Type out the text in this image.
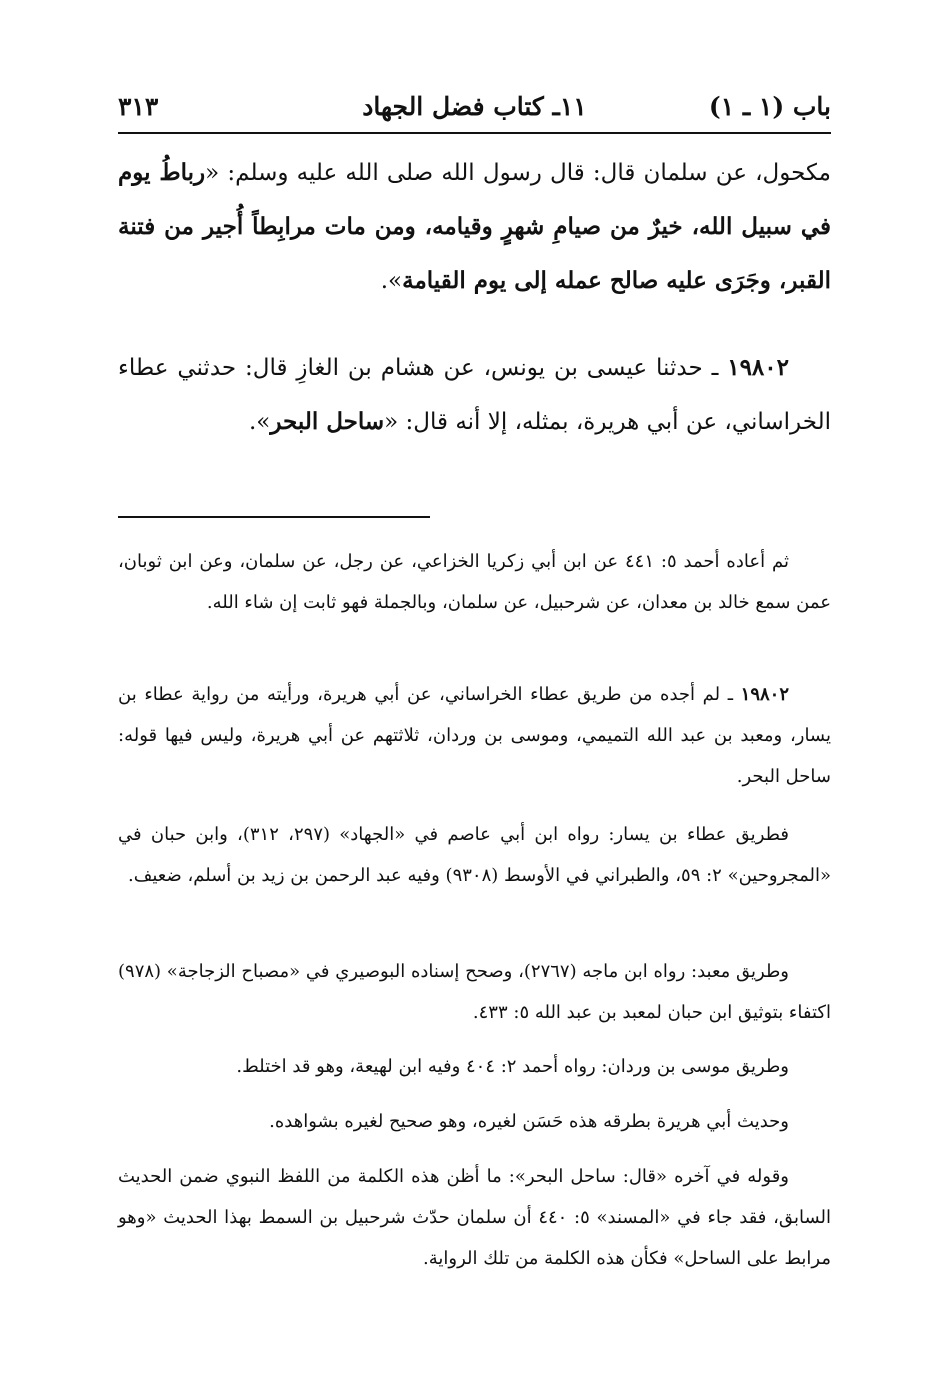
باب (١ ـ ١)
١١ـ كتاب فضل الجهاد
٣١٣

مكحول، عن سلمان قال: قال رسول الله صلى الله عليه وسلم: «رباطُ يوم في سبيل الله، خيرٌ من صيامِ شهرٍ وقيامه، ومن مات مرابِطاً أُجير من فتنة القبر، وجَرَى عليه صالح عمله إلى يوم القيامة».

١٩٨٠٢ ـ حدثنا عيسى بن يونس، عن هشام بن الغازِ قال: حدثني عطاء الخراساني، عن أبي هريرة، بمثله، إلا أنه قال: «ساحل البحر».

ثم أعاده أحمد ٥: ٤٤١ عن ابن أبي زكريا الخزاعي، عن رجل، عن سلمان، وعن ابن ثوبان، عمن سمع خالد بن معدان، عن شرحبيل، عن سلمان، وبالجملة فهو ثابت إن شاء الله.

١٩٨٠٢ ـ لم أجده من طريق عطاء الخراساني، عن أبي هريرة، ورأيته من رواية عطاء بن يسار، ومعبد بن عبد الله التميمي، وموسى بن وردان، ثلاثتهم عن أبي هريرة، وليس فيها قوله: ساحل البحر.

فطريق عطاء بن يسار: رواه ابن أبي عاصم في «الجهاد» (٢٩٧، ٣١٢)، وابن حبان في «المجروحين» ٢: ٥٩، والطبراني في الأوسط (٩٣٠٨) وفيه عبد الرحمن بن زيد بن أسلم، ضعيف.

وطريق معبد: رواه ابن ماجه (٢٧٦٧)، وصحح إسناده البوصيري في «مصباح الزجاجة» (٩٧٨) اكتفاء بتوثيق ابن حبان لمعبد بن عبد الله ٥: ٤٣٣.

وطريق موسى بن وردان: رواه أحمد ٢: ٤٠٤ وفيه ابن لهيعة، وهو قد اختلط.

وحديث أبي هريرة بطرقه هذه حَسَن لغيره، وهو صحيح لغيره بشواهده.

وقوله في آخره «قال: ساحل البحر»: ما أظن هذه الكلمة من اللفظ النبوي ضمن الحديث السابق، فقد جاء في «المسند» ٥: ٤٤٠ أن سلمان حدّث شرحبيل بن السمط بهذا الحديث «وهو مرابط على الساحل» فكأن هذه الكلمة من تلك الرواية.
